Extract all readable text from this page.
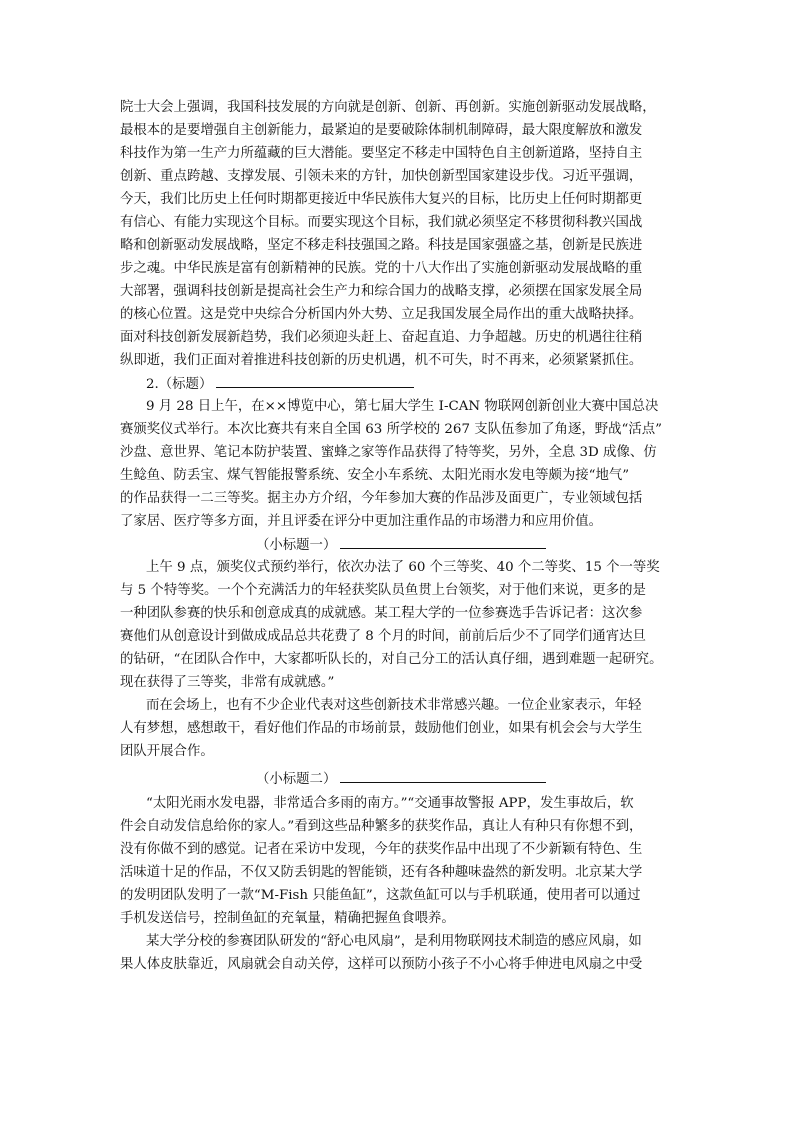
院士大会上强调，我国科技发展的方向就是创新、创新、再创新。实施创新驱动发展战略，
最根本的是要增强自主创新能力，最紧迫的是要破除体制机制障碍，最大限度解放和激发
科技作为第一生产力所蕴藏的巨大潜能。要坚定不移走中国特色自主创新道路，坚持自主
创新、重点跨越、支撑发展、引领未来的方针，加快创新型国家建设步伐。习近平强调，
今天，我们比历史上任何时期都更接近中华民族伟大复兴的目标，比历史上任何时期都更
有信心、有能力实现这个目标。而要实现这个目标，我们就必须坚定不移贯彻科教兴国战
略和创新驱动发展战略，坚定不移走科技强国之路。科技是国家强盛之基，创新是民族进
步之魂。中华民族是富有创新精神的民族。党的十八大作出了实施创新驱动发展战略的重
大部署，强调科技创新是提高社会生产力和综合国力的战略支撑，必须摆在国家发展全局
的核心位置。这是党中央综合分析国内外大势、立足我国发展全局作出的重大战略抉择。
面对科技创新发展新趋势，我们必须迎头赶上、奋起直追、力争超越。历史的机遇往往稍
纵即逝，我们正面对着推进科技创新的历史机遇，机不可失，时不再来，必须紧紧抓住。
2.（标题）
9 月 28 日上午，在××博览中心，第七届大学生 I-CAN 物联网创新创业大赛中国总决
赛颁奖仪式举行。本次比赛共有来自全国 63 所学校的 267 支队伍参加了角逐，野战“活点”
沙盘、意世界、笔记本防护装置、蜜蜂之家等作品获得了特等奖，另外，全息 3D 成像、仿
生鲶鱼、防丢宝、煤气智能报警系统、安全小车系统、太阳光雨水发电等颇为接“地气”
的作品获得一二三等奖。据主办方介绍，今年参加大赛的作品涉及面更广，专业领域包括
了家居、医疗等多方面，并且评委在评分中更加注重作品的市场潜力和应用价值。
（小标题一）
上午 9 点，颁奖仪式预约举行，依次办法了 60 个三等奖、40 个二等奖、15 个一等奖
与 5 个特等奖。一个个充满活力的年轻获奖队员鱼贯上台领奖，对于他们来说，更多的是
一种团队参赛的快乐和创意成真的成就感。某工程大学的一位参赛选手告诉记者：这次参
赛他们从创意设计到做成成品总共花费了 8 个月的时间，前前后后少不了同学们通宵达旦
的钻研，“在团队合作中，大家都听队长的，对自己分工的活认真仔细，遇到难题一起研究。
现在获得了三等奖，非常有成就感。”
而在会场上，也有不少企业代表对这些创新技术非常感兴趣。一位企业家表示，年轻
人有梦想，感想敢干，看好他们作品的市场前景，鼓励他们创业，如果有机会会与大学生
团队开展合作。
（小标题二）
“太阳光雨水发电器，非常适合多雨的南方。”“交通事故警报 APP，发生事故后，软
件会自动发信息给你的家人。”看到这些品种繁多的获奖作品，真让人有种只有你想不到，
没有你做不到的感觉。记者在采访中发现，今年的获奖作品中出现了不少新颖有特色、生
活味道十足的作品，不仅又防丢钥匙的智能锁，还有各种趣味盎然的新发明。北京某大学
的发明团队发明了一款“M-Fish 只能鱼缸”，这款鱼缸可以与手机联通，使用者可以通过
手机发送信号，控制鱼缸的充氧量，精确把握鱼食喂养。
某大学分校的参赛团队研发的“舒心电风扇”，是利用物联网技术制造的感应风扇，如
果人体皮肤靠近，风扇就会自动关停，这样可以预防小孩子不小心将手伸进电风扇之中受
